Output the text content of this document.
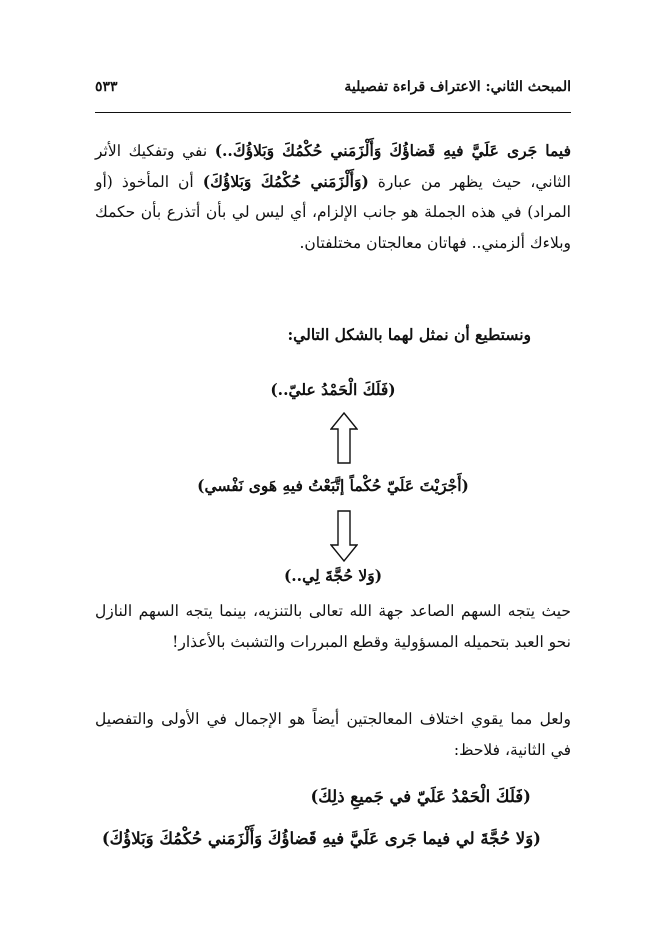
المبحث الثاني: الاعتراف قراءة تفصيلية
٥٣٣
فيما جَرى عَلَيَّ فيهِ قَضاؤُكَ وَأَلْزَمَني حُكْمُكَ وَبَلاؤُكَ..) نفي وتفكيك الأثر الثاني، حيث يظهر من عبارة (وَأَلْزَمَني حُكْمُكَ وَبَلاؤُكَ) أن المأخوذ (أو المراد) في هذه الجملة هو جانب الإلزام، أي ليس لي بأن أتذرع بأن حكمك وبلاءك ألزمني.. فهاتان معالجتان مختلفتان.
ونستطيع أن نمثل لهما بالشكل التالي:
(فَلَكَ الْحَمْدُ عليّ..)
(أَجْرَيْتَ عَلَيّ حُكْماً إتَّبَعْتُ فيهِ هَوى نَفْسي)
(وَلا حُجَّةَ لِي..)
حيث يتجه السهم الصاعد جهة الله تعالى بالتنزيه، بينما يتجه السهم النازل نحو العبد بتحميله المسؤولية وقطع المبررات والتشبث بالأعذار!
ولعل مما يقوي اختلاف المعالجتين أيضاً هو الإجمال في الأولى والتفصيل في الثانية، فلاحظ:
(فَلَكَ الْحَمْدُ عَلَيّ في جَميعِ ذلِكَ)
(وَلا حُجَّةَ لي فيما جَرى عَلَيَّ فيهِ قَضاؤُكَ وَأَلْزَمَني حُكْمُكَ وَبَلاؤُكَ)
